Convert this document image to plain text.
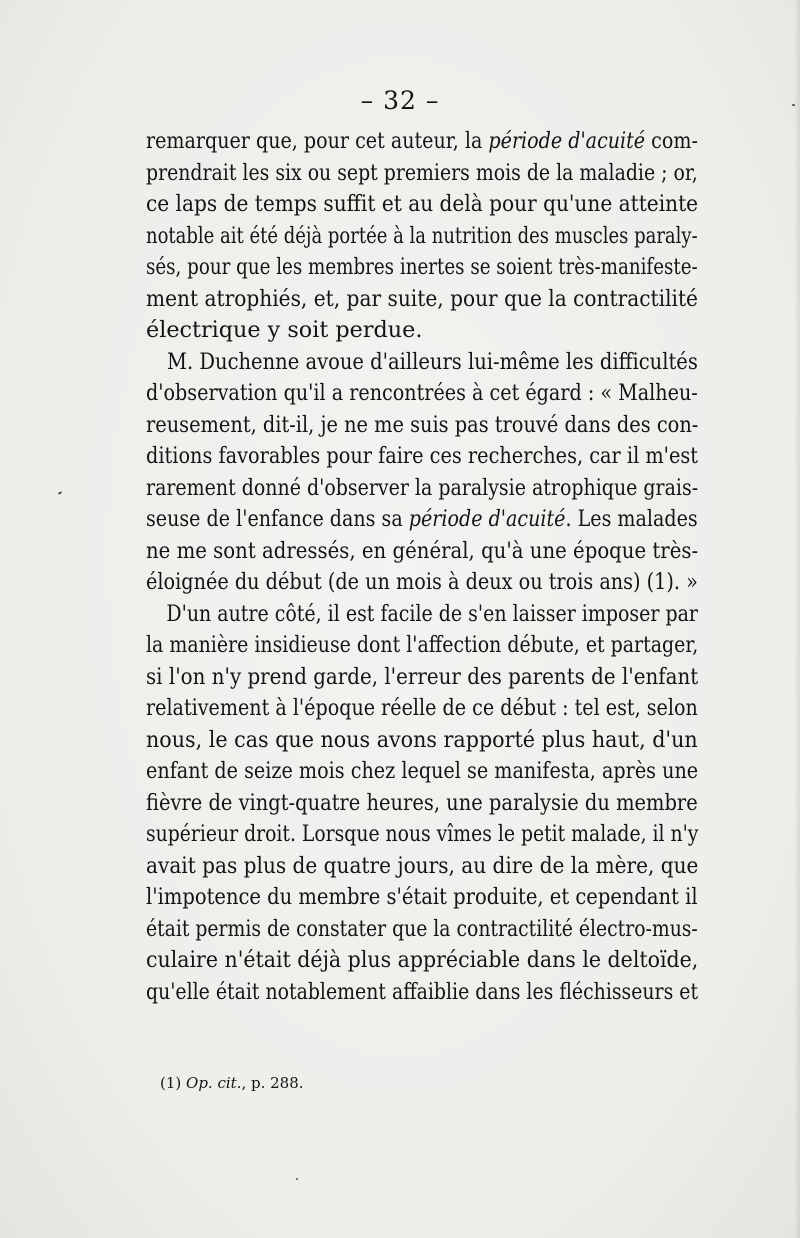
– 32 –
remarquer que, pour cet auteur, la période d'acuité com-
prendrait les six ou sept premiers mois de la maladie ; or,
ce laps de temps suffit et au delà pour qu'une atteinte
notable ait été déjà portée à la nutrition des muscles paraly-
sés, pour que les membres inertes se soient très-manifeste-
ment atrophiés, et, par suite, pour que la contractilité
électrique y soit perdue.
M. Duchenne avoue d'ailleurs lui-même les difficultés
d'observation qu'il a rencontrées à cet égard : « Malheu-
reusement, dit-il, je ne me suis pas trouvé dans des con-
ditions favorables pour faire ces recherches, car il m'est
rarement donné d'observer la paralysie atrophique grais-
seuse de l'enfance dans sa période d'acuité. Les malades
ne me sont adressés, en général, qu'à une époque très-
éloignée du début (de un mois à deux ou trois ans) (1). »
D'un autre côté, il est facile de s'en laisser imposer par
la manière insidieuse dont l'affection débute, et partager,
si l'on n'y prend garde, l'erreur des parents de l'enfant
relativement à l'époque réelle de ce début : tel est, selon
nous, le cas que nous avons rapporté plus haut, d'un
enfant de seize mois chez lequel se manifesta, après une
fièvre de vingt-quatre heures, une paralysie du membre
supérieur droit. Lorsque nous vîmes le petit malade, il n'y
avait pas plus de quatre jours, au dire de la mère, que
l'impotence du membre s'était produite, et cependant il
était permis de constater que la contractilité électro-mus-
culaire n'était déjà plus appréciable dans le deltoïde,
qu'elle était notablement affaiblie dans les fléchisseurs et
(1) Op. cit., p. 288.
